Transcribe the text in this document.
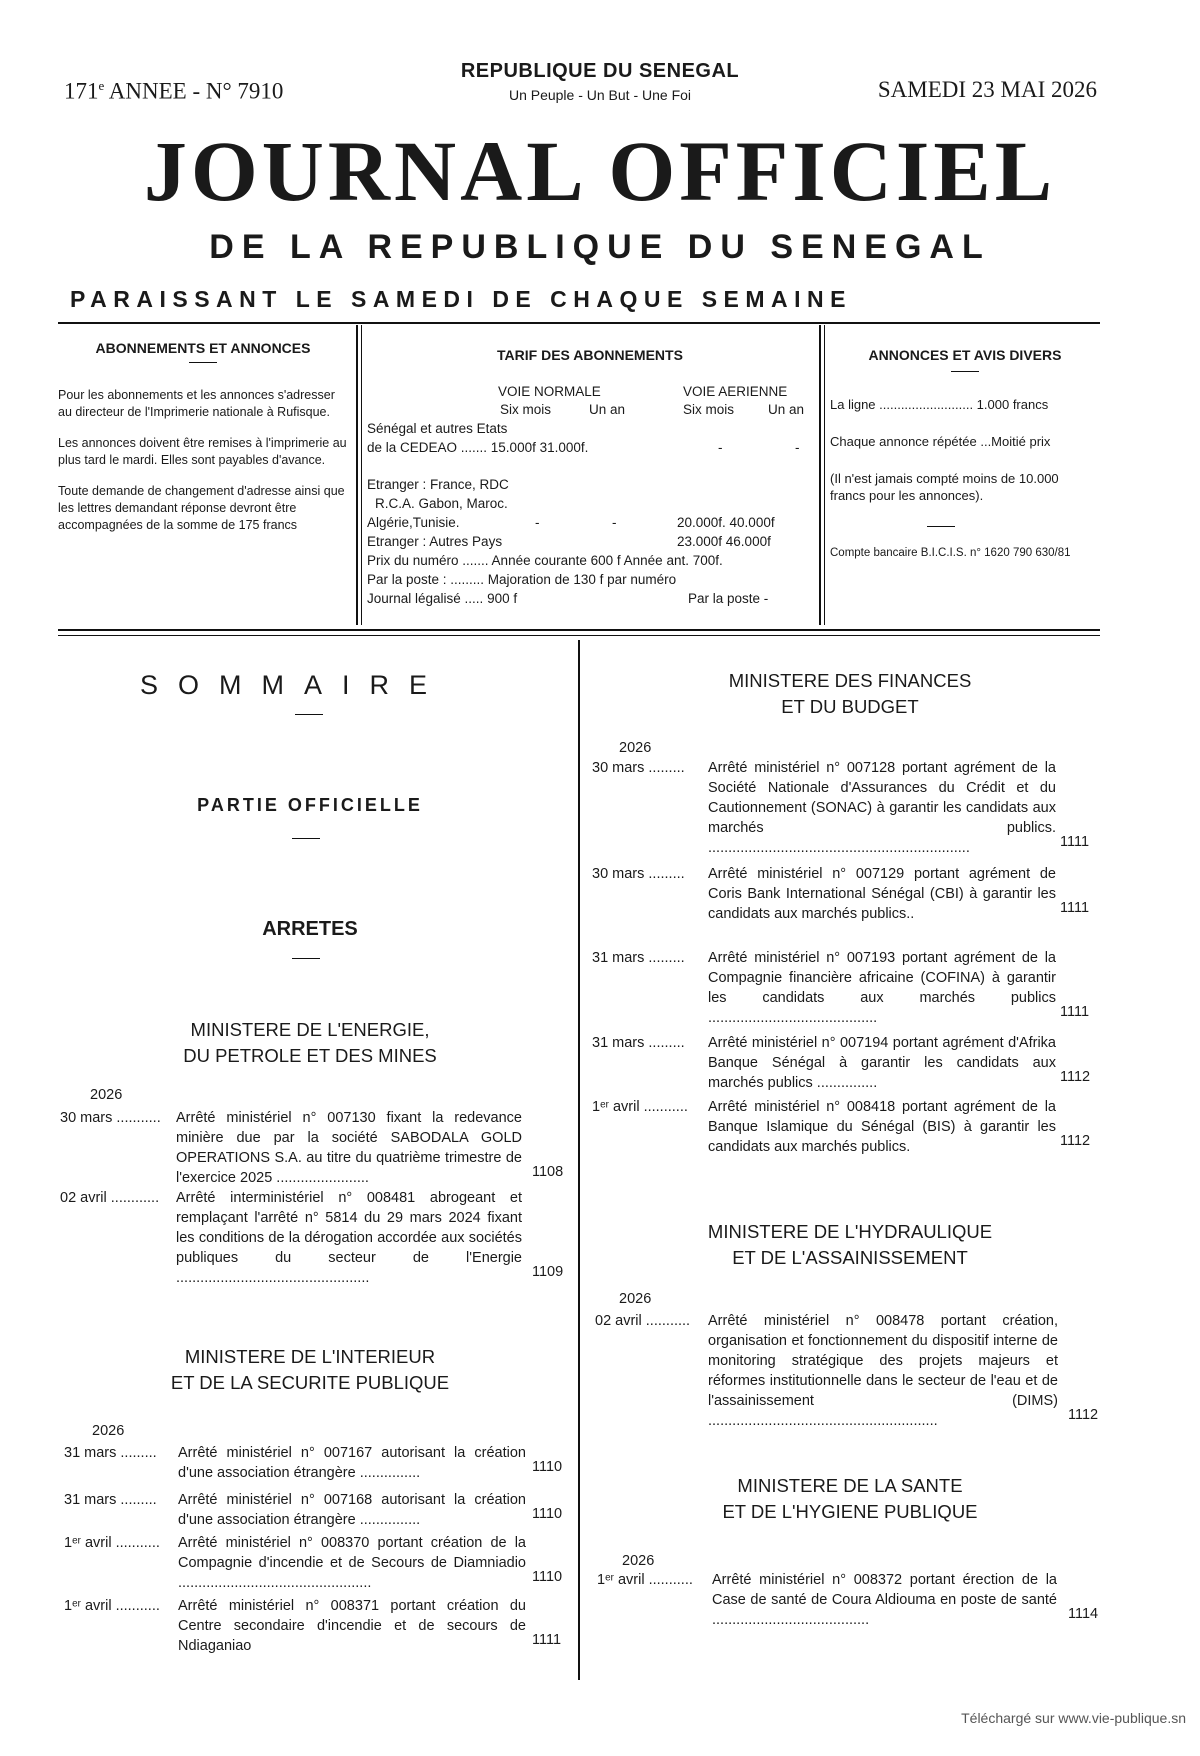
171e ANNEE - N° 7910
REPUBLIQUE DU SENEGAL
Un Peuple - Un But - Une Foi	SAMEDI 23 MAI 2026
JOURNAL OFFICIEL
DE LA REPUBLIQUE DU SENEGAL
PARAISSANT LE SAMEDI DE CHAQUE SEMAINE
ABONNEMENTS ET ANNONCES
Pour les abonnements et les annonces s'adresser au directeur de l'Imprimerie nationale à Rufisque.
Les annonces doivent être remises à l'imprimerie au plus tard le mardi. Elles sont payables d'avance.
Toute demande de changement d'adresse ainsi que les lettres demandant réponse devront être accompagnées de la somme de 175 francs
TARIF DES ABONNEMENTS
VOIE NORMALE	VOIE AERIENNE
Six mois	Un an	Six mois	Un an
Sénégal et autres Etats
de la CEDEAO ....... 15.000f 31.000f.	-	-
Etranger : France, RDC
R.C.A. Gabon, Maroc.
Algérie,Tunisie.	-	-	20.000f. 40.000f
Etranger : Autres Pays	23.000f 46.000f
Prix du numéro ....... Année courante 600 f Année ant. 700f.
Par la poste : ......... Majoration de 130 f par numéro
Journal légalisé ..... 900 f	Par la poste -
ANNONCES ET AVIS DIVERS
La ligne .......................... 1.000 francs
Chaque annonce répétée ...Moitié prix
(Il n'est jamais compté moins de 10.000 francs pour les annonces).
Compte bancaire B.I.C.I.S. n° 1620 790 630/81
SOMMAIRE
PARTIE OFFICIELLE
ARRETES
MINISTERE DE L'ENERGIE,
DU PETROLE ET DES MINES
2026
30 mars ........... Arrêté ministériel n° 007130 fixant la redevance minière due par la société SABODALA GOLD OPERATIONS S.A. au titre du quatrième trimestre de l'exercice 2025 .......................	1108
02 avril ............ Arrêté interministériel n° 008481 abrogeant et remplaçant l'arrêté n° 5814 du 29 mars 2024 fixant les conditions de la dérogation accordée aux sociétés publiques du secteur de l'Energie ................................................	1109
MINISTERE DE L'INTERIEUR
ET DE LA SECURITE PUBLIQUE
2026
31 mars ......... Arrêté ministériel n° 007167 autorisant la création d'une association étrangère ...............	1110
31 mars ......... Arrêté ministériel n° 007168 autorisant la création d'une association étrangère ...............	1110
1ᵉʳ avril ........... Arrêté ministériel n° 008370 portant création de la Compagnie d'incendie et de Secours de Diamniadio ................................................	1110
1ᵉʳ avril ........... Arrêté ministériel n° 008371 portant création du Centre secondaire d'incendie et de secours de Ndiaganiao	1111
MINISTERE DES FINANCES
ET DU BUDGET
2026
30 mars ......... Arrêté ministériel n° 007128 portant agrément de la Société Nationale d'Assurances du Crédit et du Cautionnement (SONAC) à garantir les candidats aux marchés publics. .................................................................	1111
30 mars ......... Arrêté ministériel n° 007129 portant agrément de Coris Bank International Sénégal (CBI) à garantir les candidats aux marchés publics..	1111
31 mars ......... Arrêté ministériel n° 007193 portant agrément de la Compagnie financière africaine (COFINA) à garantir les candidats aux marchés publics ..........................................	1111
31 mars ......... Arrêté ministériel n° 007194 portant agrément d'Afrika Banque Sénégal à garantir les candidats aux marchés publics ...............	1112
1ᵉʳ avril ........... Arrêté ministériel n° 008418 portant agrément de la Banque Islamique du Sénégal (BIS) à garantir les candidats aux marchés publics.	1112
MINISTERE DE L'HYDRAULIQUE
ET DE L'ASSAINISSEMENT
2026
02 avril ........... Arrêté ministériel n° 008478 portant création, organisation et fonctionnement du dispositif interne de monitoring stratégique des projets majeurs et réformes institutionnelle dans le secteur de l'eau et de l'assainissement (DIMS) .........................................................	1112
MINISTERE DE LA SANTE
ET DE L'HYGIENE PUBLIQUE
2026
1ᵉʳ avril ........... Arrêté ministériel n° 008372 portant érection de la Case de santé de Coura Aldiouma en poste de santé .......................................	1114
Téléchargé sur www.vie-publique.sn
